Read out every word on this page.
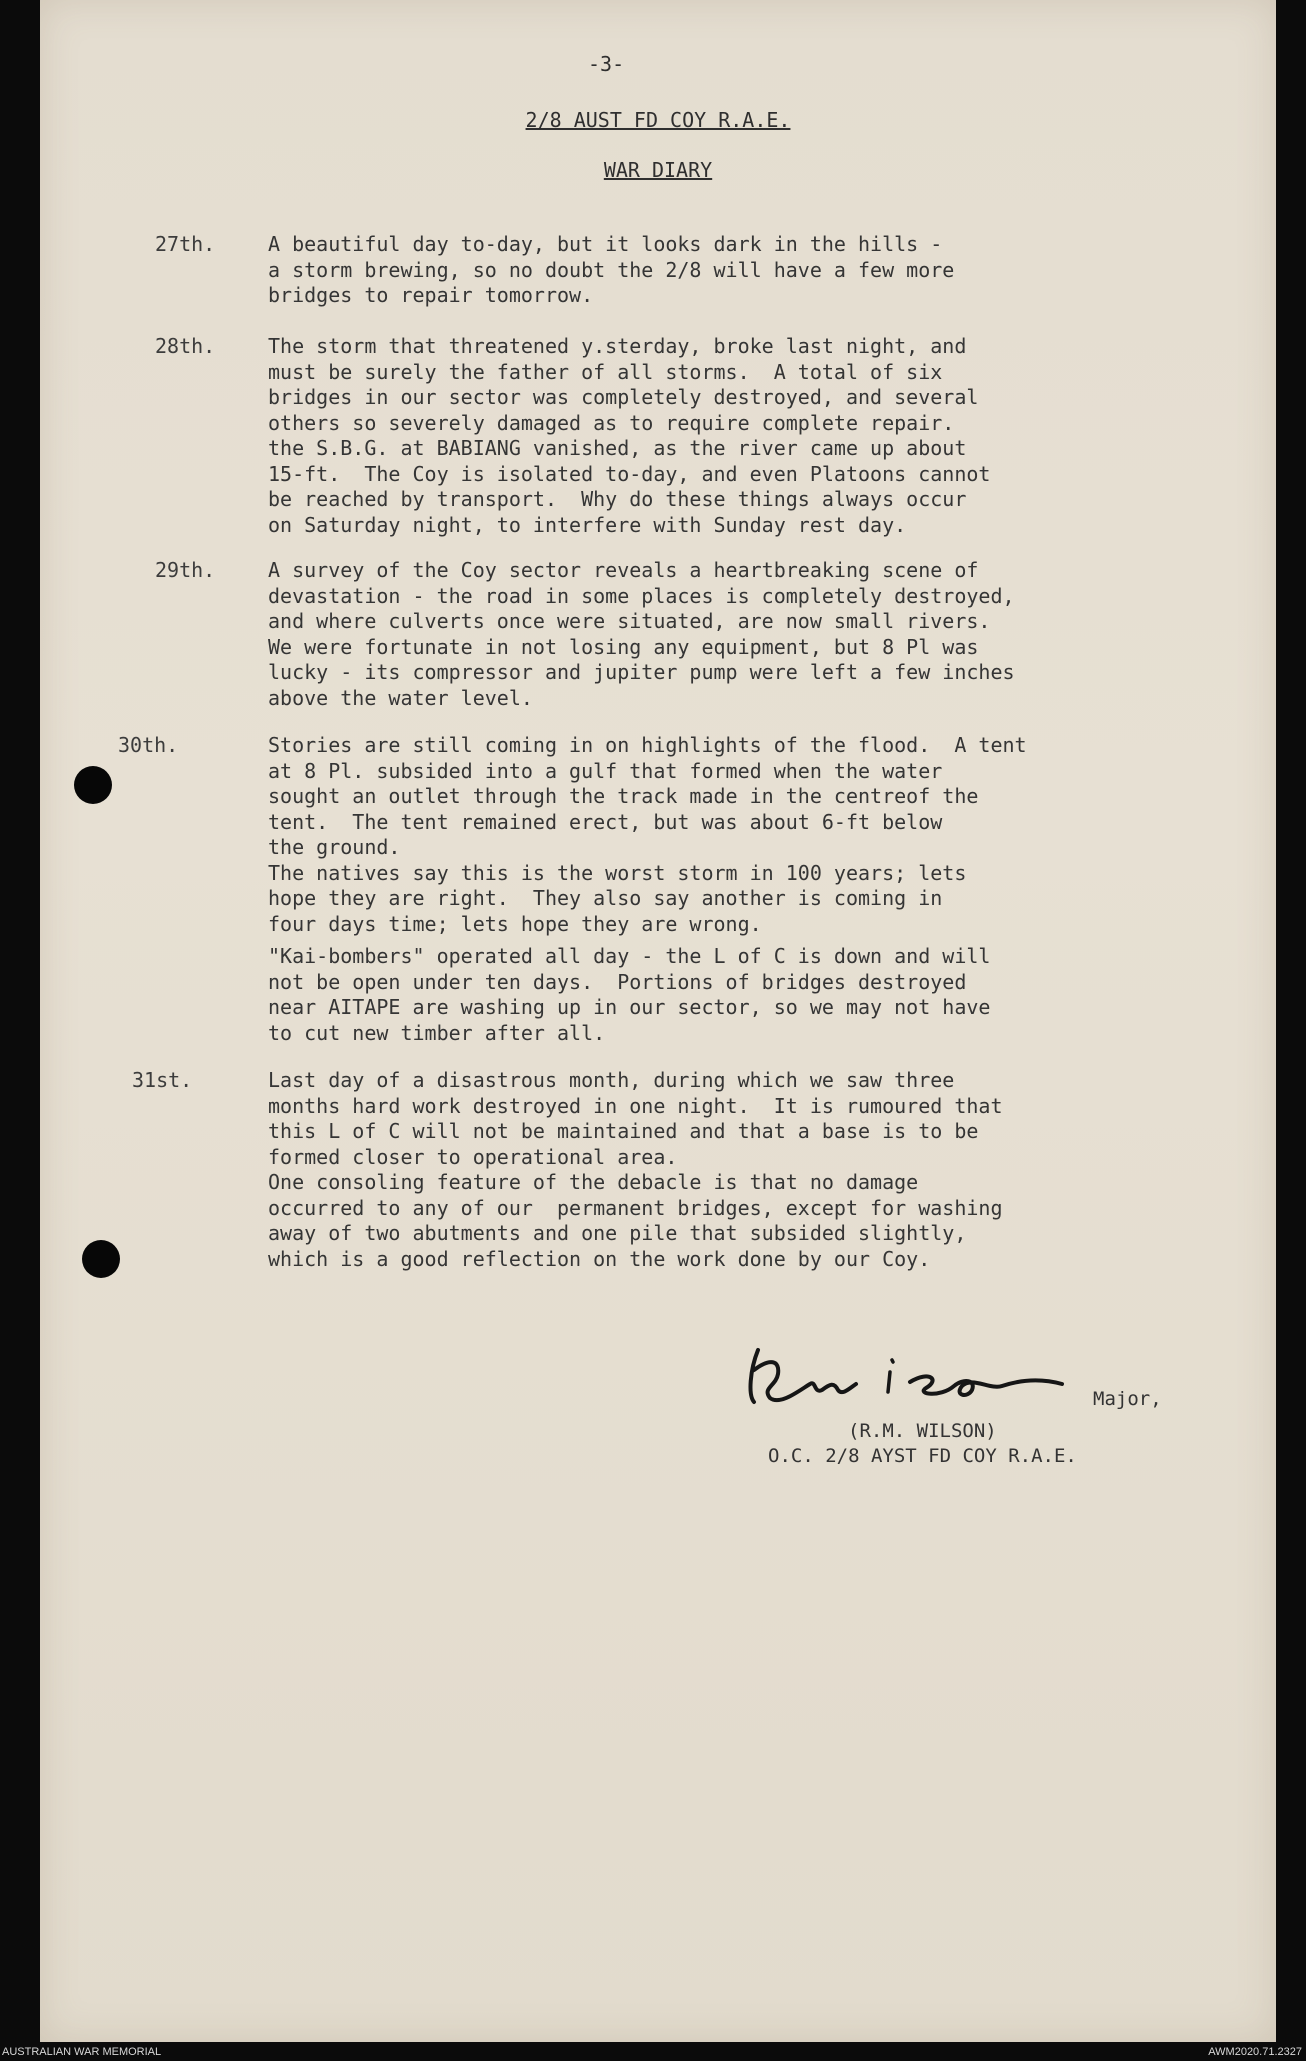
-3-
2/8 AUST FD COY R.A.E.
WAR DIARY
27th.	A beautiful day to-day, but it looks dark in the hills -
a storm brewing, so no doubt the 2/8 will have a few more
bridges to repair tomorrow.
28th.	The storm that threatened y.sterday, broke last night, and
must be surely the father of all storms.  A total of six
bridges in our sector was completely destroyed, and several
others so severely damaged as to require complete repair.
the S.B.G. at BABIANG vanished, as the river came up about
15-ft.  The Coy is isolated to-day, and even Platoons cannot
be reached by transport.  Why do these things always occur
on Saturday night, to interfere with Sunday rest day.
29th.	A survey of the Coy sector reveals a heartbreaking scene of
devastation - the road in some places is completely destroyed,
and where culverts once were situated, are now small rivers.
We were fortunate in not losing any equipment, but 8 Pl was
lucky - its compressor and jupiter pump were left a few inches
above the water level.
30th.	Stories are still coming in on highlights of the flood.  A tent
at 8 Pl. subsided into a gulf that formed when the water
sought an outlet through the track made in the centreof the
tent.  The tent remained erect, but was about 6-ft below
the ground.
The natives say this is the worst storm in 100 years; lets
hope they are right.  They also say another is coming in
four days time; lets hope they are wrong.
"Kai-bombers" operated all day - the L of C is down and will
not be open under ten days.  Portions of bridges destroyed
near AITAPE are washing up in our sector, so we may not have
to cut new timber after all.
31st.	Last day of a disastrous month, during which we saw three
months hard work destroyed in one night.  It is rumoured that
this L of C will not be maintained and that a base is to be
formed closer to operational area.
One consoling feature of the debacle is that no damage
occurred to any of our  permanent bridges, except for washing
away of two abutments and one pile that subsided slightly,
which is a good reflection on the work done by our Coy.
Major,
(R.M. WILSON)
O.C. 2/8 AYST FD COY R.A.E.
AUSTRALIAN WAR MEMORIAL	AWM2020.71.2327
